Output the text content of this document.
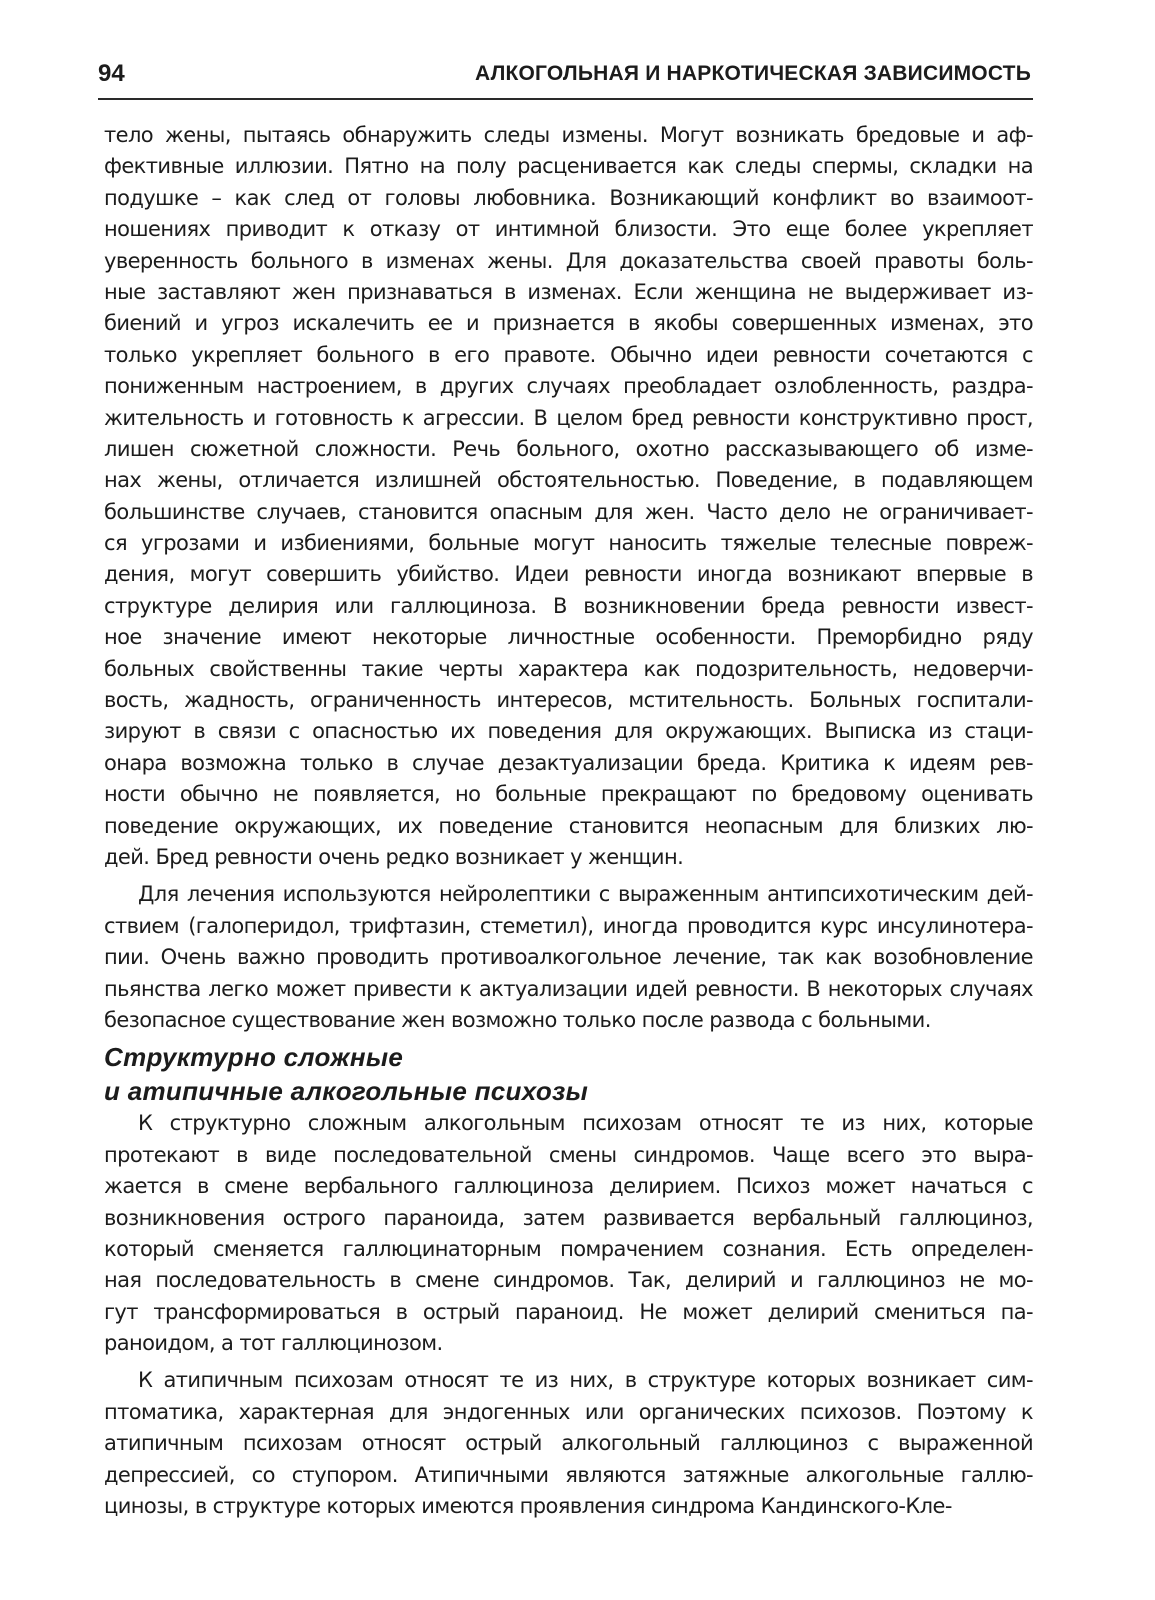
94	АЛКОГОЛЬНАЯ И НАРКОТИЧЕСКАЯ ЗАВИСИМОСТЬ
тело жены, пытаясь обнаружить следы измены. Могут возникать бредовые и аф-
фективные иллюзии. Пятно на полу расценивается как следы спермы, складки на
подушке – как след от головы любовника. Возникающий конфликт во взаимоот-
ношениях приводит к отказу от интимной близости. Это еще более укрепляет
уверенность больного в изменах жены. Для доказательства своей правоты боль-
ные заставляют жен признаваться в изменах. Если женщина не выдерживает из-
биений и угроз искалечить ее и признается в якобы совершенных изменах, это
только укрепляет больного в его правоте. Обычно идеи ревности сочетаются с
пониженным настроением, в других случаях преобладает озлобленность, раздра-
жительность и готовность к агрессии. В целом бред ревности конструктивно прост,
лишен сюжетной сложности. Речь больного, охотно рассказывающего об изме-
нах жены, отличается излишней обстоятельностью. Поведение, в подавляющем
большинстве случаев, становится опасным для жен. Часто дело не ограничивает-
ся угрозами и избиениями, больные могут наносить тяжелые телесные повреж-
дения, могут совершить убийство. Идеи ревности иногда возникают впервые в
структуре делирия или галлюциноза. В возникновении бреда ревности извест-
ное значение имеют некоторые личностные особенности. Преморбидно ряду
больных свойственны такие черты характера как подозрительность, недоверчи-
вость, жадность, ограниченность интересов, мстительность. Больных госпитали-
зируют в связи с опасностью их поведения для окружающих. Выписка из стаци-
онара возможна только в случае дезактуализации бреда. Критика к идеям рев-
ности обычно не появляется, но больные прекращают по бредовому оценивать
поведение окружающих, их поведение становится неопасным для близких лю-
дей. Бред ревности очень редко возникает у женщин.
Для лечения используются нейролептики с выраженным антипсихотическим дей-
ствием (галоперидол, трифтазин, стеметил), иногда проводится курс инсулинотера-
пии. Очень важно проводить противоалкогольное лечение, так как возобновление
пьянства легко может привести к актуализации идей ревности. В некоторых случаях
безопасное существование жен возможно только после развода с больными.
Структурно сложные
и атипичные алкогольные психозы
К структурно сложным алкогольным психозам относят те из них, которые
протекают в виде последовательной смены синдромов. Чаще всего это выра-
жается в смене вербального галлюциноза делирием. Психоз может начаться с
возникновения острого параноида, затем развивается вербальный галлюциноз,
который сменяется галлюцинаторным помрачением сознания. Есть определен-
ная последовательность в смене синдромов. Так, делирий и галлюциноз не мо-
гут трансформироваться в острый параноид. Не может делирий смениться па-
раноидом, а тот галлюцинозом.
К атипичным психозам относят те из них, в структуре которых возникает сим-
птоматика, характерная для эндогенных или органических психозов. Поэтому к
атипичным психозам относят острый алкогольный галлюциноз с выраженной
депрессией, со ступором. Атипичными являются затяжные алкогольные галлю-
цинозы, в структуре которых имеются проявления синдрома Кандинского-Кле-
